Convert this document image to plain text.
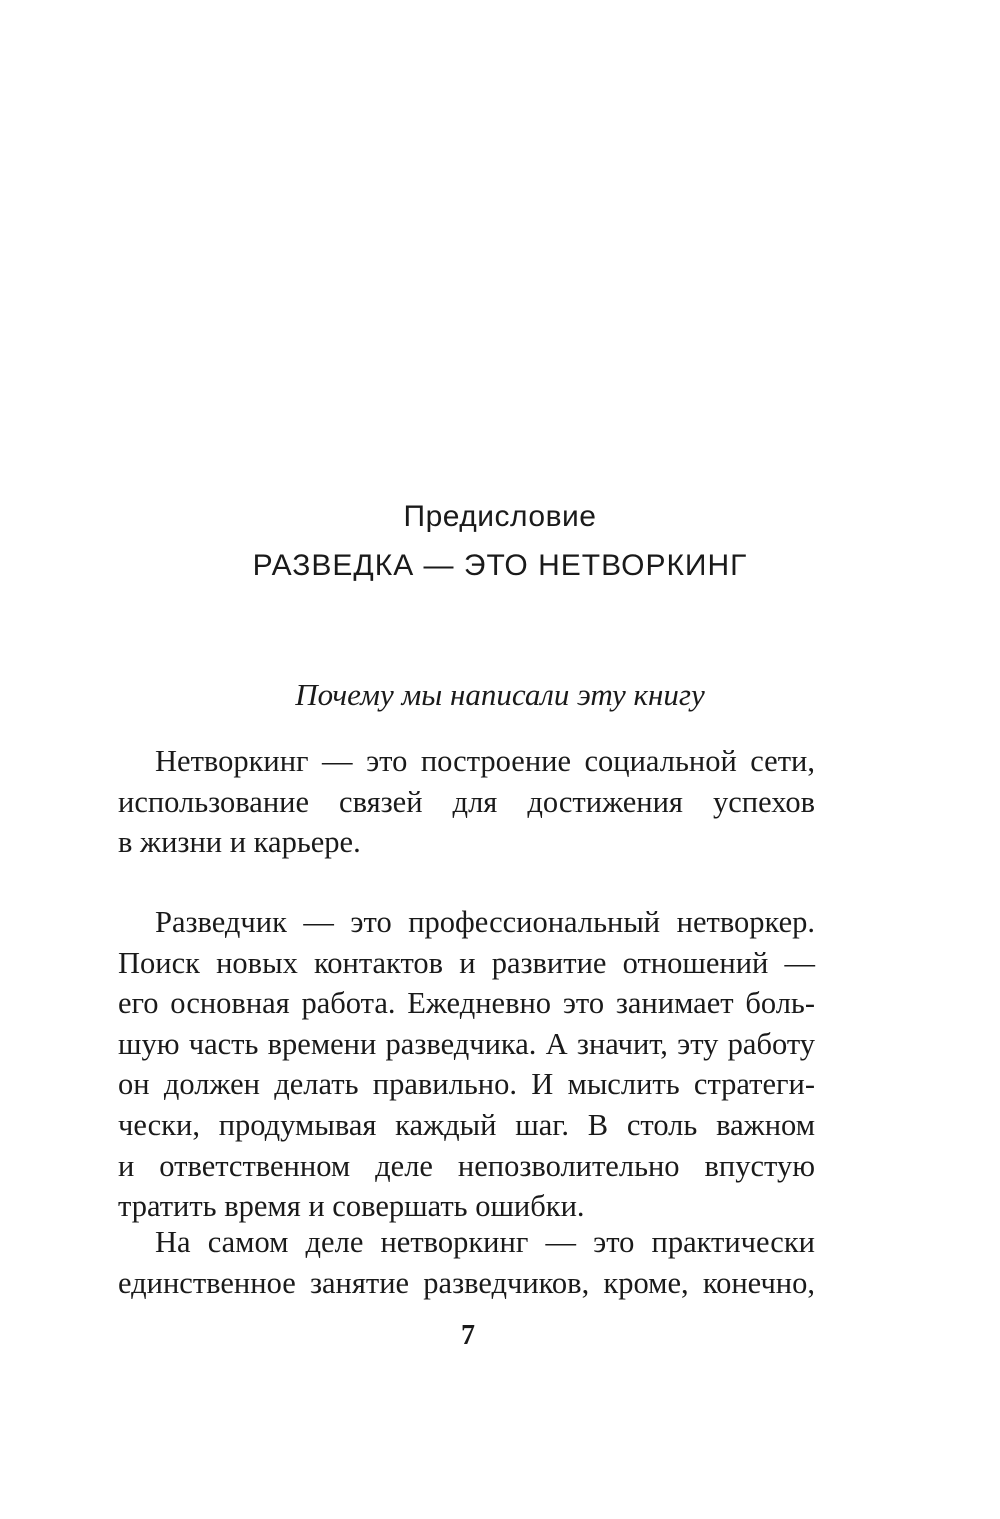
Предисловие
РАЗВЕДКА — ЭТО НЕТВОРКИНГ
Почему мы написали эту книгу
Нетворкинг — это построение социальной сети,
использование связей для достижения успехов
в жизни и карьере.
Разведчик — это профессиональный нетворкер.
Поиск новых контактов и развитие отношений —
его основная работа. Ежедневно это занимает боль-
шую часть времени разведчика. А значит, эту работу
он должен делать правильно. И мыслить стратеги-
чески, продумывая каждый шаг. В столь важном
и ответственном деле непозволительно впустую
тратить время и совершать ошибки.
На самом деле нетворкинг — это практически
единственное занятие разведчиков, кроме, конечно,
7
